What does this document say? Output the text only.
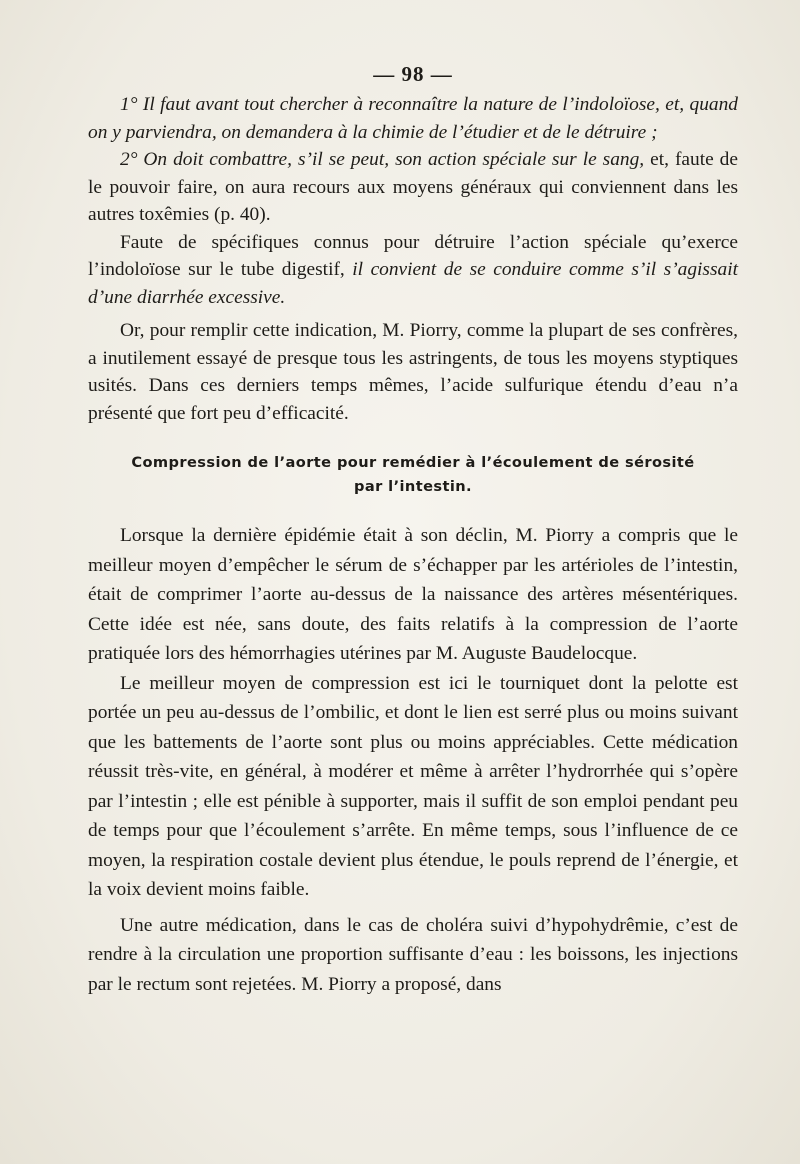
— 98 —

1° Il faut avant tout chercher à reconnaître la nature de l’indoloïose, et, quand on y parviendra, on demandera à la chimie de l’étudier et de le détruire ;

2° On doit combattre, s’il se peut, son action spéciale sur le sang, et, faute de le pouvoir faire, on aura recours aux moyens généraux qui conviennent dans les autres toxêmies (p. 40).

Faute de spécifiques connus pour détruire l’action spéciale qu’exerce l’indoloïose sur le tube digestif, il convient de se conduire comme s’il s’agissait d’une diarrhée excessive.

Or, pour remplir cette indication, M. Piorry, comme la plupart de ses confrères, a inutilement essayé de presque tous les astringents, de tous les moyens styptiques usités. Dans ces derniers temps mêmes, l’acide sulfurique étendu d’eau n’a présenté que fort peu d’efficacité.

Compression de l’aorte pour remédier à l’écoulement de sérosité
par l’intestin.

Lorsque la dernière épidémie était à son déclin, M. Piorry a compris que le meilleur moyen d’empêcher le sérum de s’échapper par les artérioles de l’intestin, était de comprimer l’aorte au-dessus de la naissance des artères mésentériques. Cette idée est née, sans doute, des faits relatifs à la compression de l’aorte pratiquée lors des hémorrhagies utérines par M. Auguste Baudelocque.

Le meilleur moyen de compression est ici le tourniquet dont la pelotte est portée un peu au-dessus de l’ombilic, et dont le lien est serré plus ou moins suivant que les battements de l’aorte sont plus ou moins appréciables. Cette médication réussit très-vite, en général, à modérer et même à arrêter l’hydrorrhée qui s’opère par l’intestin ; elle est pénible à supporter, mais il suffit de son emploi pendant peu de temps pour que l’écoulement s’arrête. En même temps, sous l’influence de ce moyen, la respiration costale devient plus étendue, le pouls reprend de l’énergie, et la voix devient moins faible.

Une autre médication, dans le cas de choléra suivi d’hypohydrêmie, c’est de rendre à la circulation une proportion suffisante d’eau : les boissons, les injections par le rectum sont rejetées. M. Piorry a proposé, dans
